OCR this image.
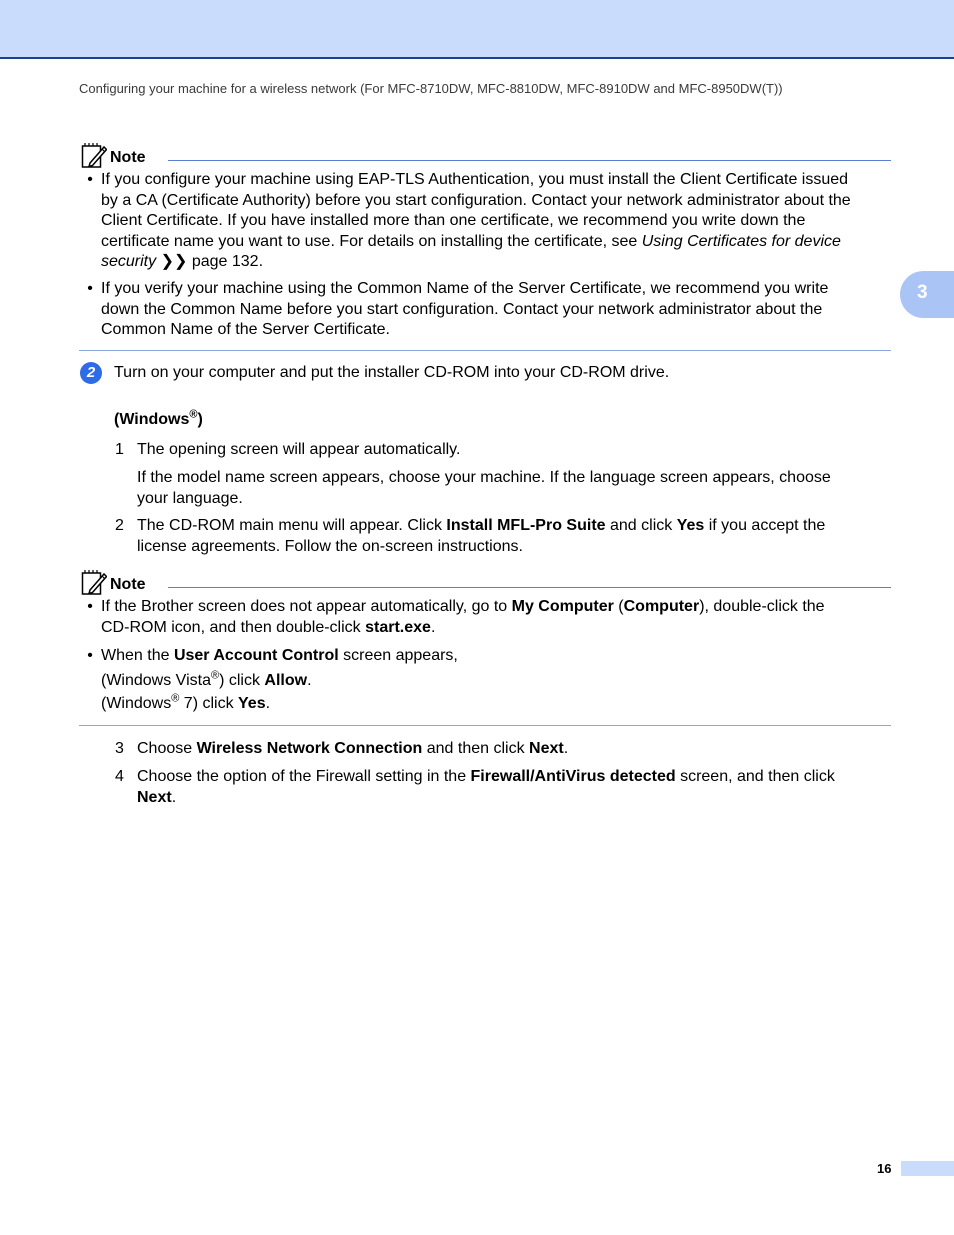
Configuring your machine for a wireless network (For MFC-8710DW, MFC-8810DW, MFC-8910DW and MFC-8950DW(T))
3
Note
• If you configure your machine using EAP-TLS Authentication, you must install the Client Certificate issued
by a CA (Certificate Authority) before you start configuration. Contact your network administrator about the
Client Certificate. If you have installed more than one certificate, we recommend you write down the
certificate name you want to use. For details on installing the certificate, see Using Certificates for device
security ❯❯ page 132.
• If you verify your machine using the Common Name of the Server Certificate, we recommend you write
down the Common Name before you start configuration. Contact your network administrator about the
Common Name of the Server Certificate.
2	Turn on your computer and put the installer CD-ROM into your CD-ROM drive.
(Windows®)
1 The opening screen will appear automatically.
If the model name screen appears, choose your machine. If the language screen appears, choose
your language.
2 The CD-ROM main menu will appear. Click Install MFL-Pro Suite and click Yes if you accept the
license agreements. Follow the on-screen instructions.
Note
• If the Brother screen does not appear automatically, go to My Computer (Computer), double-click the
CD-ROM icon, and then double-click start.exe.
• When the User Account Control screen appears,
(Windows Vista®) click Allow.
(Windows® 7) click Yes.
3 Choose Wireless Network Connection and then click Next.
4 Choose the option of the Firewall setting in the Firewall/AntiVirus detected screen, and then click
Next.
16
